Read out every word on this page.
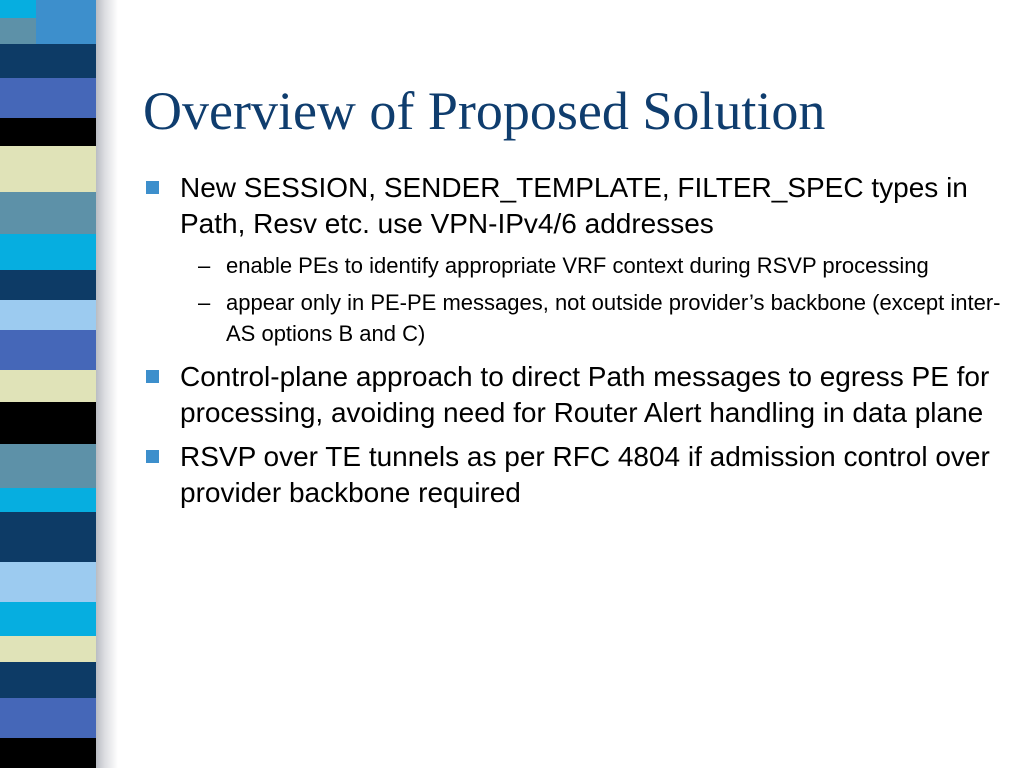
Overview of Proposed Solution
New SESSION, SENDER_TEMPLATE, FILTER_SPEC types in Path, Resv etc. use VPN-IPv4/6 addresses
– enable PEs to identify appropriate VRF context during RSVP processing
– appear only in PE-PE messages, not outside provider’s backbone (except inter-AS options B and C)
Control-plane approach to direct Path messages to egress PE for processing, avoiding need for Router Alert handling in data plane
RSVP over TE tunnels as per RFC 4804 if admission control over provider backbone required
